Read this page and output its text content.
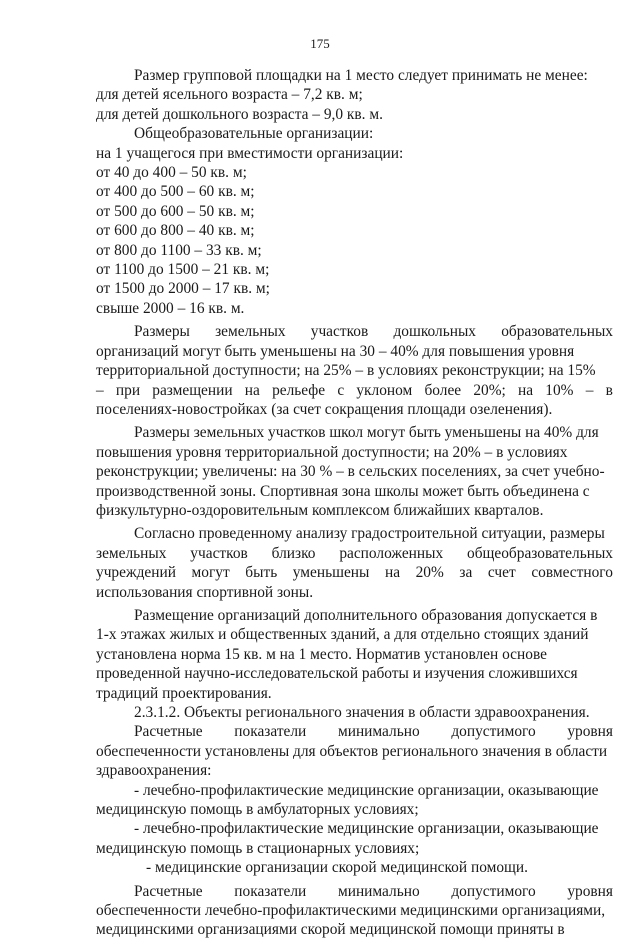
175
Размер групповой площадки на 1 место следует принимать не менее:
для детей ясельного возраста – 7,2 кв. м;
для детей дошкольного возраста – 9,0 кв. м.
Общеобразовательные организации:
на 1 учащегося при вместимости организации:
от 40 до 400 – 50 кв. м;
от 400 до 500 – 60 кв. м;
от 500 до 600 – 50 кв. м;
от 600 до 800 – 40 кв. м;
от 800 до 1100 – 33 кв. м;
от 1100 до 1500 – 21 кв. м;
от 1500 до 2000 – 17 кв. м;
свыше 2000 – 16 кв. м.
Размеры земельных участков дошкольных образовательных
организаций могут быть уменьшены на 30 – 40% для повышения уровня
территориальной доступности; на 25% – в условиях реконструкции; на 15%
– при размещении на рельефе с уклоном более 20%; на 10% – в
поселениях-новостройках (за счет сокращения площади озеленения).
Размеры земельных участков школ могут быть уменьшены на 40% для
повышения уровня территориальной доступности; на 20% – в условиях
реконструкции; увеличены: на 30 % – в сельских поселениях, за счет учебно-
производственной зоны. Спортивная зона школы может быть объединена с
физкультурно-оздоровительным комплексом ближайших кварталов.
Согласно проведенному анализу градостроительной ситуации, размеры
земельных участков близко расположенных общеобразовательных
учреждений могут быть уменьшены на 20% за счет совместного
использования спортивной зоны.
Размещение организаций дополнительного образования допускается в
1-х этажах жилых и общественных зданий, а для отдельно стоящих зданий
установлена норма 15 кв. м на 1 место. Норматив установлен основе
проведенной научно-исследовательской работы и изучения сложившихся
традиций проектирования.
2.3.1.2. Объекты регионального значения в области здравоохранения.
Расчетные показатели минимально допустимого уровня
обеспеченности установлены для объектов регионального значения в области
здравоохранения:
- лечебно-профилактические медицинские организации, оказывающие
медицинскую помощь в амбулаторных условиях;
- лечебно-профилактические медицинские организации, оказывающие
медицинскую помощь в стационарных условиях;
- медицинские организации скорой медицинской помощи.
Расчетные показатели минимально допустимого уровня
обеспеченности лечебно-профилактическими медицинскими организациями,
медицинскими организациями скорой медицинской помощи приняты в
